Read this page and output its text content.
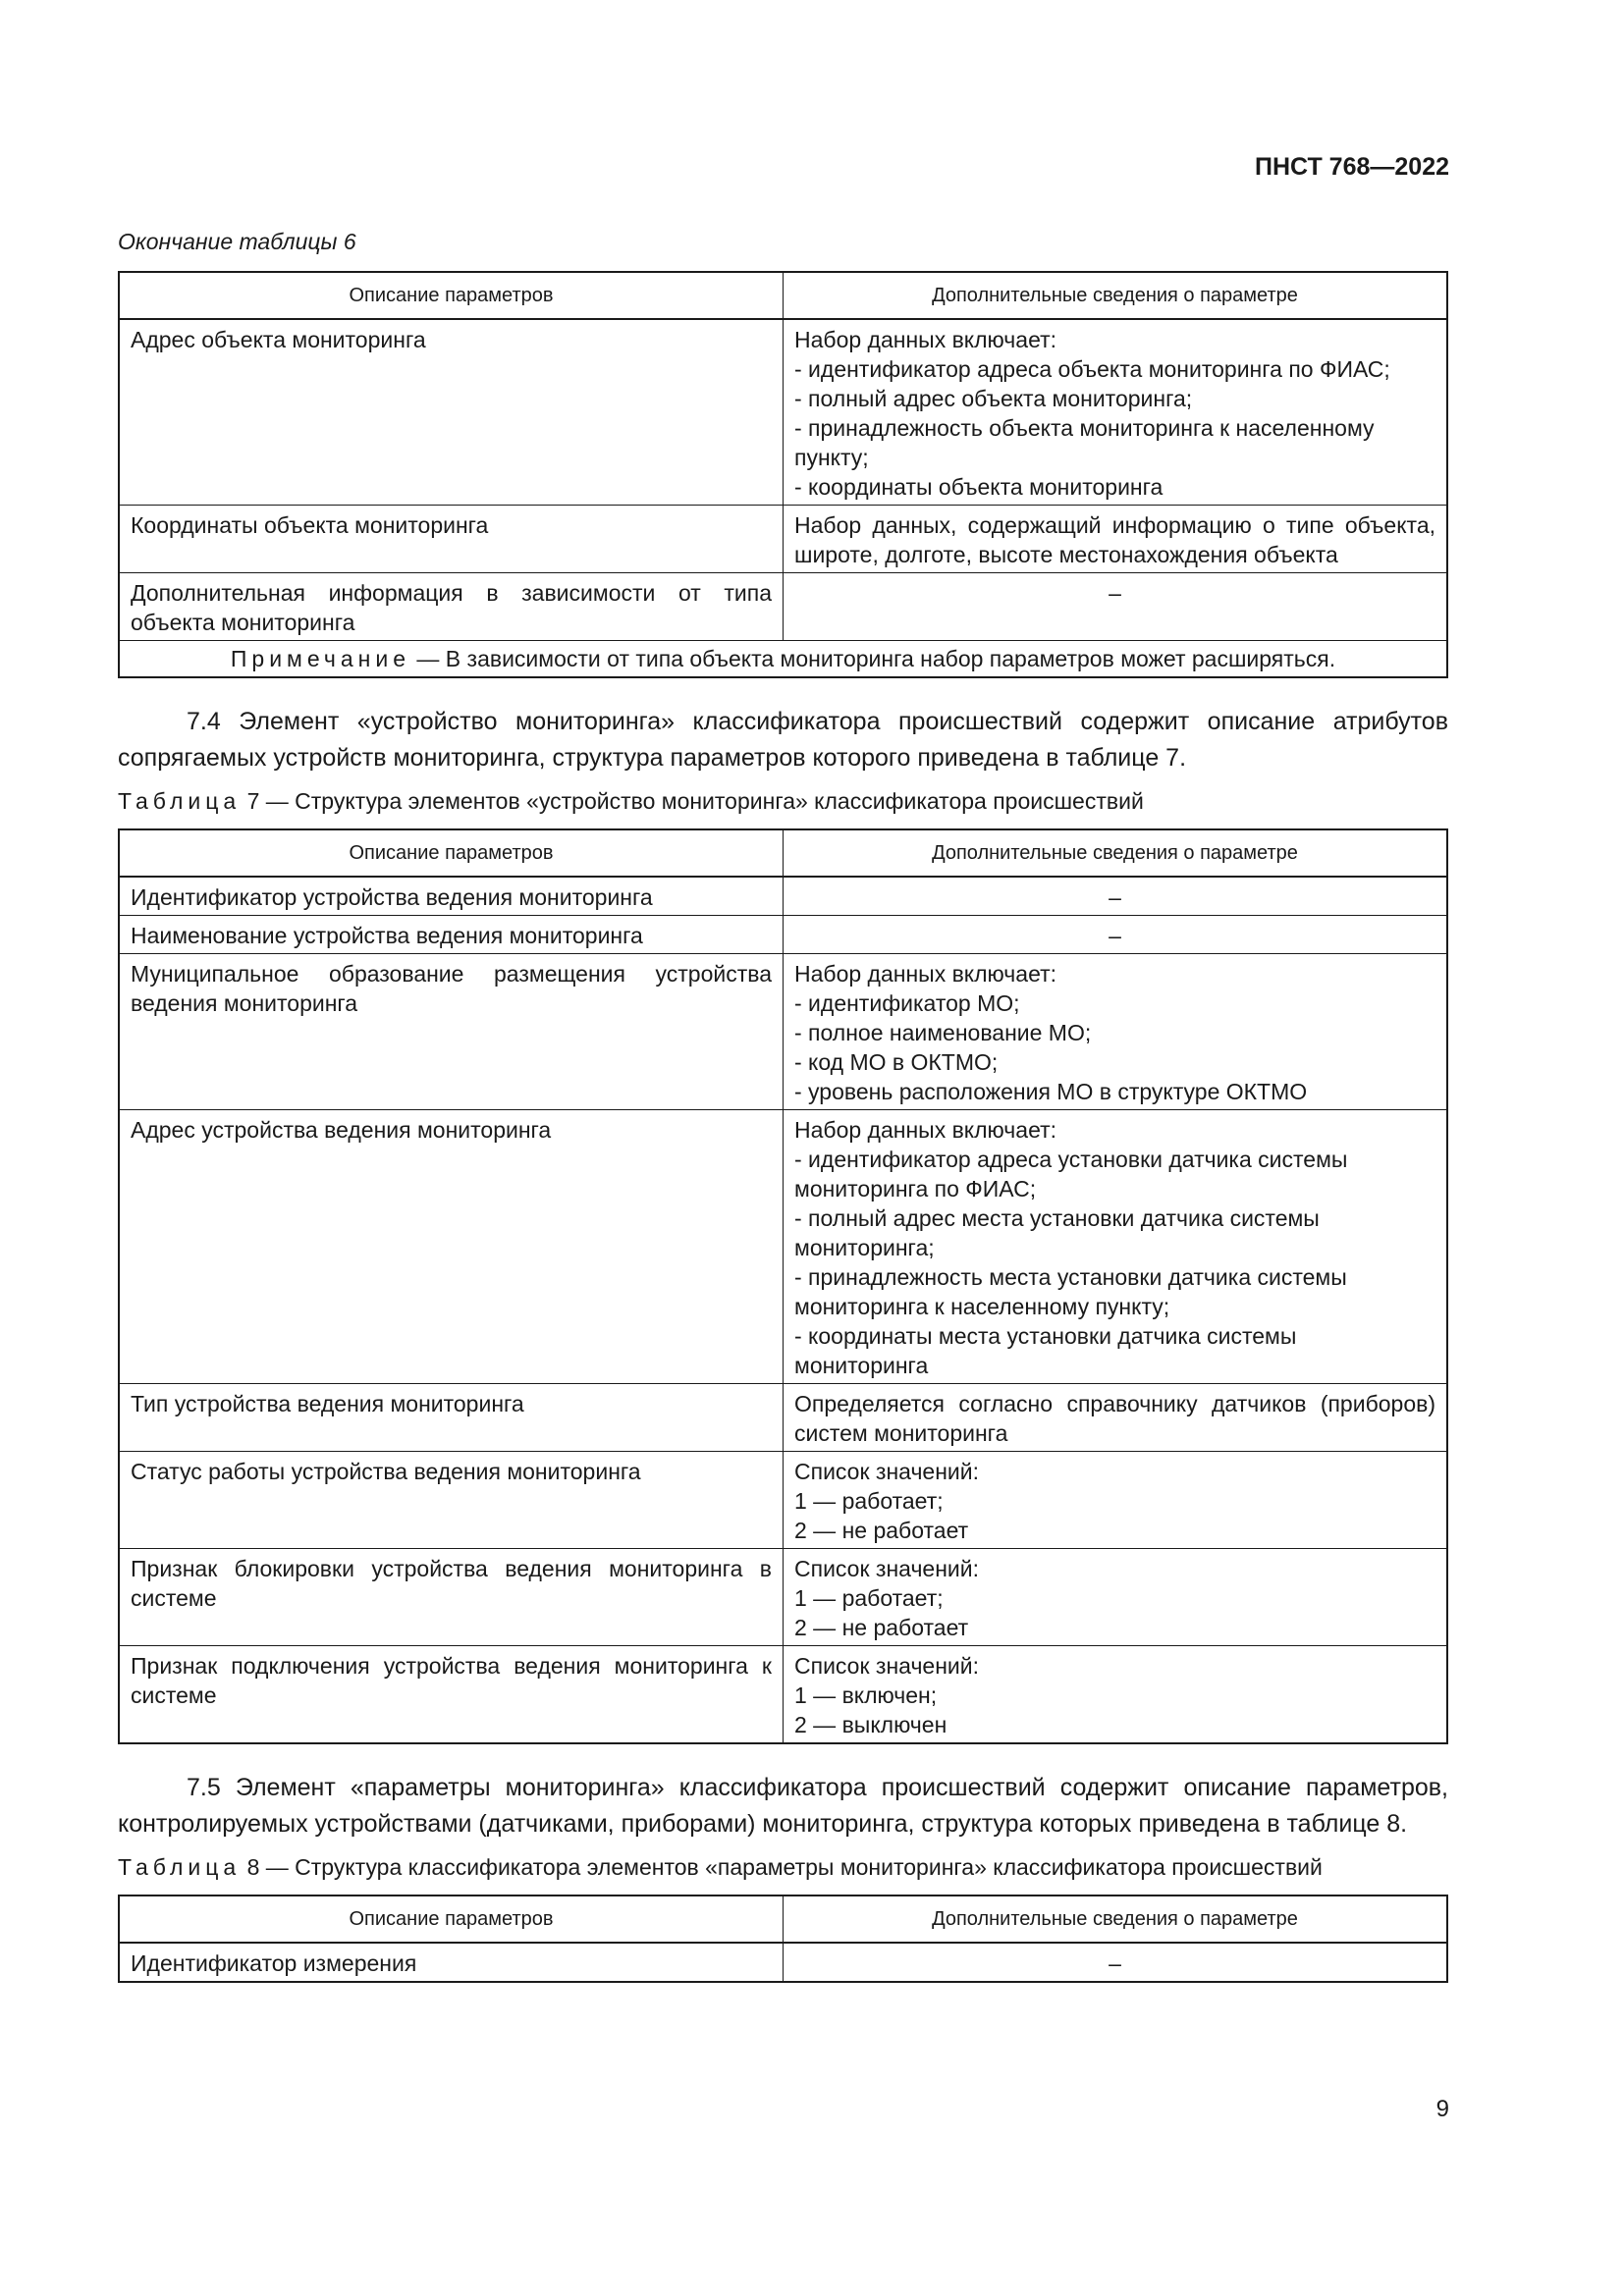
ПНСТ 768—2022

Окончание таблицы 6

Описание параметров	Дополнительные сведения о параметре
Адрес объекта мониторинга	Набор данных включает:
- идентификатор адреса объекта мониторинга по ФИАС;
- полный адрес объекта мониторинга;
- принадлежность объекта мониторинга к населенному пункту;
- координаты объекта мониторинга

Координаты объекта мониторинга	Набор данных, содержащий информацию о типе объекта, широте, долготе, высоте местонахождения объекта
Дополнительная информация в зависимости от типа объекта мониторинга	–
Примечание — В зависимости от типа объекта мониторинга набор параметров может расширяться.	

7.4 Элемент «устройство мониторинга» классификатора происшествий содержит описание атрибутов сопрягаемых устройств мониторинга, структура параметров которого приведена в таблице 7.

Таблица 7 — Структура элементов «устройство мониторинга» классификатора происшествий

Описание параметров	Дополнительные сведения о параметре
Идентификатор устройства ведения мониторинга	–
Наименование устройства ведения мониторинга	–
Муниципальное образование размещения устройства ведения мониторинга	Набор данных включает:
- идентификатор МО;
- полное наименование МО;
- код МО в ОКТМО;
- уровень расположения МО в структуре ОКТМО

Адрес устройства ведения мониторинга	Набор данных включает:
- идентификатор адреса установки датчика системы мониторинга по ФИАС;
- полный адрес места установки датчика системы мониторинга;
- принадлежность места установки датчика системы мониторинга к населенному пункту;
- координаты места установки датчика системы мониторинга

Тип устройства ведения мониторинга	Определяется согласно справочнику датчиков (приборов) систем мониторинга
Статус работы устройства ведения мониторинга	Список значений:
1 — работает;
2 — не работает

Признак блокировки устройства ведения мониторинга в системе	Список значений:
1 — работает;
2 — не работает

Признак подключения устройства ведения мониторинга к системе	Список значений:
1 — включен;
2 — выключен

7.5 Элемент «параметры мониторинга» классификатора происшествий содержит описание параметров, контролируемых устройствами (датчиками, приборами) мониторинга, структура которых приведена в таблице 8.

Таблица 8 — Структура классификатора элементов «параметры мониторинга» классификатора происшествий

Описание параметров	Дополнительные сведения о параметре
Идентификатор измерения	–

9
